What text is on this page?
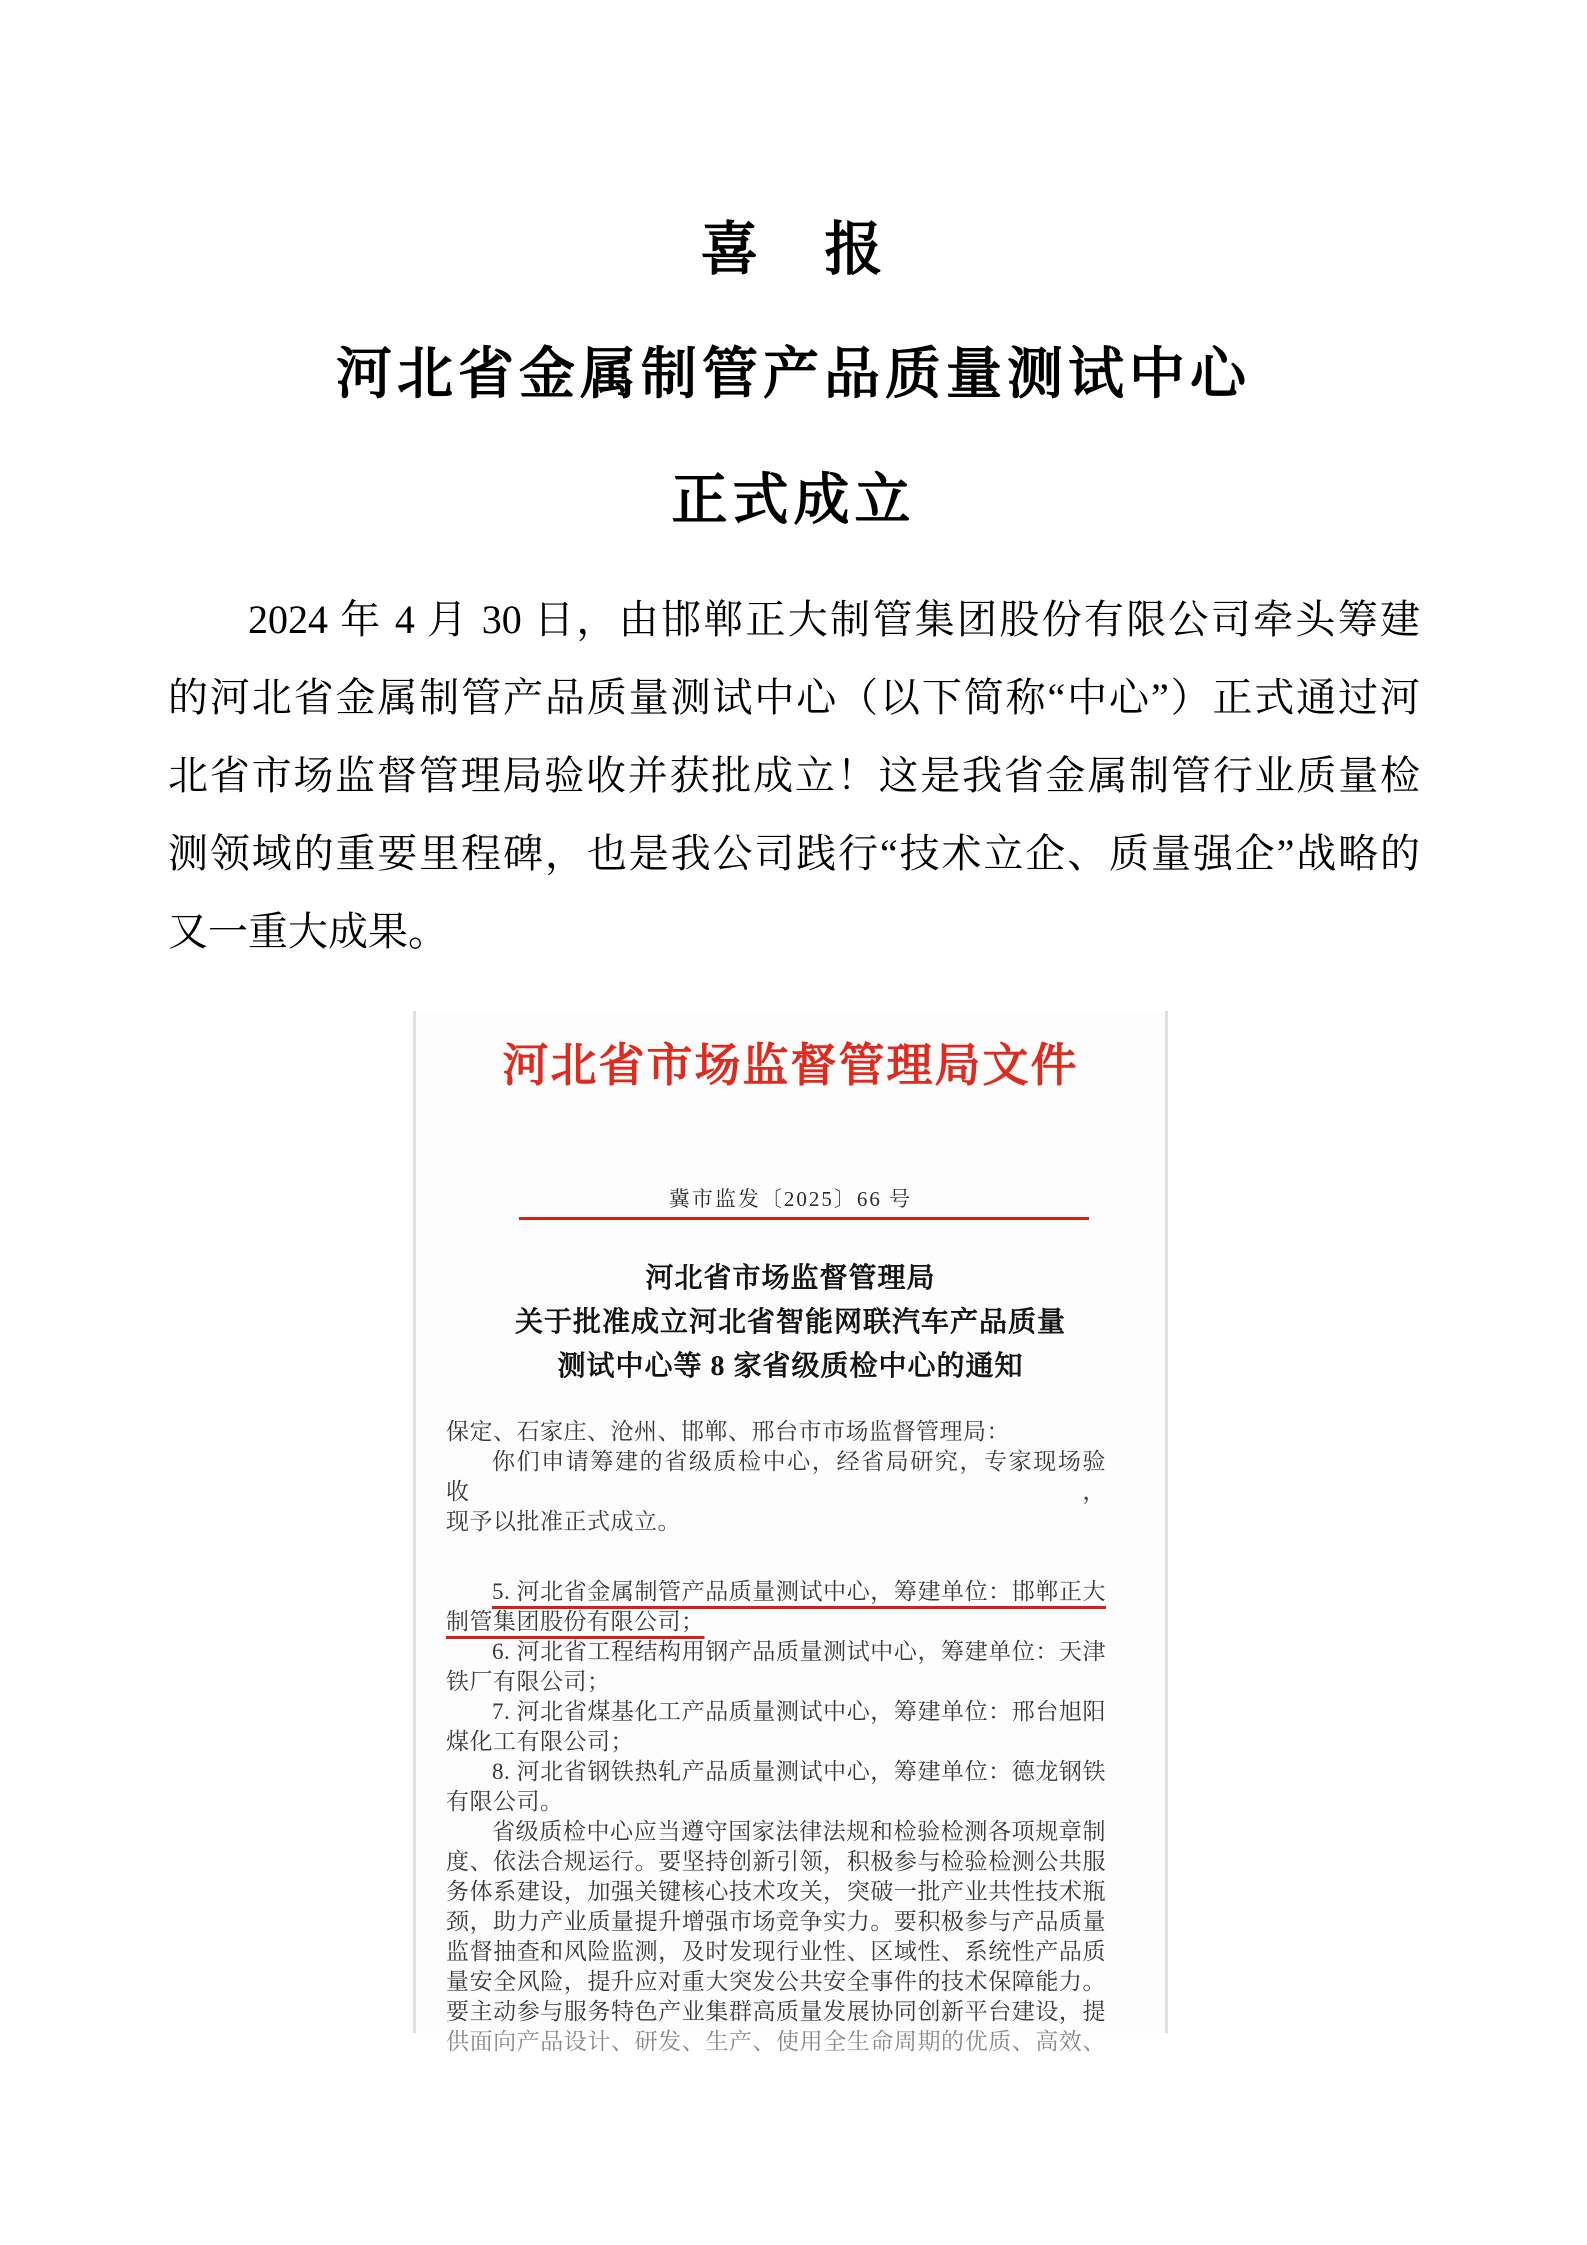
喜　报
河北省金属制管产品质量测试中心
正式成立
2024 年 4 月 30 日，由邯郸正大制管集团股份有限公司牵头筹建
的河北省金属制管产品质量测试中心（以下简称“中心”）正式通过河
北省市场监督管理局验收并获批成立！这是我省金属制管行业质量检
测领域的重要里程碑，也是我公司践行“技术立企、质量强企”战略的
又一重大成果。
河北省市场监督管理局文件
冀市监发〔2025〕66 号
河北省市场监督管理局
关于批准成立河北省智能网联汽车产品质量
测试中心等 8 家省级质检中心的通知
保定、石家庄、沧州、邯郸、邢台市市场监督管理局：
你们申请筹建的省级质检中心，经省局研究，专家现场验收，
现予以批准正式成立。
5. 河北省金属制管产品质量测试中心，筹建单位：邯郸正大
制管集团股份有限公司；
6. 河北省工程结构用钢产品质量测试中心，筹建单位：天津
铁厂有限公司；
7. 河北省煤基化工产品质量测试中心，筹建单位：邢台旭阳
煤化工有限公司；
8. 河北省钢铁热轧产品质量测试中心，筹建单位：德龙钢铁
有限公司。
省级质检中心应当遵守国家法律法规和检验检测各项规章制
度、依法合规运行。要坚持创新引领，积极参与检验检测公共服
务体系建设，加强关键核心技术攻关，突破一批产业共性技术瓶
颈，助力产业质量提升增强市场竞争实力。要积极参与产品质量
监督抽查和风险监测，及时发现行业性、区域性、系统性产品质
量安全风险，提升应对重大突发公共安全事件的技术保障能力。
要主动参与服务特色产业集群高质量发展协同创新平台建设，提
供面向产品设计、研发、生产、使用全生命周期的优质、高效、
